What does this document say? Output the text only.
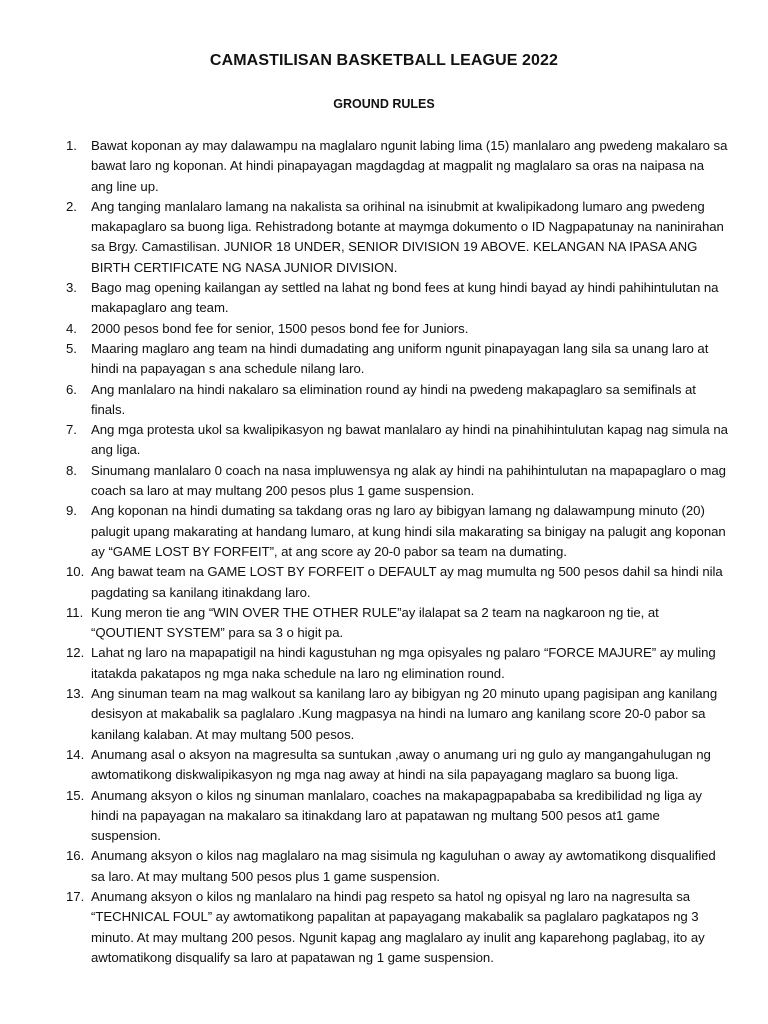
CAMASTILISAN BASKETBALL LEAGUE 2022
GROUND RULES
1. Bawat koponan ay may dalawampu na maglalaro ngunit labing lima (15) manlalaro ang pwedeng makalaro sa bawat laro ng koponan. At hindi pinapayagan magdagdag at magpalit ng maglalaro sa oras na naipasa na ang line up.
2. Ang tanging manlalaro lamang na nakalista sa orihinal na isinubmit at kwalipikadong lumaro ang pwedeng makapaglaro sa buong liga. Rehistradong botante at maymga dokumento o ID Nagpapatunay na naninirahan sa Brgy. Camastilisan. JUNIOR 18 UNDER, SENIOR DIVISION 19 ABOVE. KELANGAN NA IPASA ANG BIRTH CERTIFICATE NG NASA JUNIOR DIVISION.
3. Bago mag opening kailangan ay settled na lahat ng bond fees at kung hindi bayad ay hindi pahihintulutan na makapaglaro ang team.
4. 2000 pesos bond fee for senior, 1500 pesos bond fee for Juniors.
5. Maaring maglaro ang team na hindi dumadating ang uniform ngunit pinapayagan lang sila sa unang laro at hindi na papayagan s ana schedule nilang laro.
6. Ang manlalaro na hindi nakalaro sa elimination round ay hindi na pwedeng makapaglaro sa semifinals at finals.
7. Ang mga protesta ukol sa kwalipikasyon ng bawat manlalaro ay hindi na pinahihintulutan kapag nag simula na ang liga.
8. Sinumang manlalaro 0 coach na nasa impluwensya ng alak ay hindi na pahihintulutan na mapapaglaro o mag coach sa laro at may multang 200 pesos plus 1 game suspension.
9. Ang koponan na hindi dumating sa takdang oras ng laro ay bibigyan lamang ng dalawampung minuto (20) palugit upang makarating at handang lumaro, at kung hindi sila makarating sa binigay na palugit ang koponan ay “GAME LOST BY FORFEIT”, at ang score ay 20-0 pabor sa team na dumating.
10. Ang bawat team na GAME LOST BY FORFEIT o DEFAULT ay mag mumulta ng 500 pesos dahil sa hindi nila pagdating sa kanilang itinakdang laro.
11. Kung meron tie ang “WIN OVER THE OTHER RULE”ay ilalapat sa 2 team na nagkaroon ng tie, at “QOUTIENT SYSTEM” para sa 3 o higit pa.
12. Lahat ng laro na mapapatigil na hindi kagustuhan ng mga opisyales ng palaro “FORCE MAJURE” ay muling itatakda pakatapos ng mga naka schedule na laro ng elimination round.
13. Ang sinuman team na mag walkout sa kanilang laro ay bibigyan ng 20 minuto upang pagisipan ang kanilang desisyon at makabalik sa paglalaro .Kung magpasya na hindi na lumaro ang kanilang score 20-0 pabor sa kanilang kalaban. At may multang 500 pesos.
14. Anumang asal o aksyon na magresulta sa suntukan ,away o anumang uri ng gulo ay mangangahulugan ng awtomatikong diskwalipikasyon ng mga nag away at hindi na sila papayagang maglaro sa buong liga.
15. Anumang aksyon o kilos ng sinuman manlalaro, coaches na makapagpapababa sa kredibilidad ng liga ay hindi na papayagan na makalaro sa itinakdang laro at papatawan ng multang 500 pesos at1 game suspension.
16. Anumang aksyon o kilos nag maglalaro na mag sisimula ng kaguluhan o away ay awtomatikong disqualified sa laro. At may multang 500 pesos plus 1 game suspension.
17. Anumang aksyon o kilos ng manlalaro na hindi pag respeto sa hatol ng opisyal ng laro na nagresulta sa “TECHNICAL FOUL” ay awtomatikong papalitan at papayagang makabalik sa paglalaro pagkatapos ng 3 minuto. At may multang 200 pesos. Ngunit kapag ang maglalaro ay inulit ang kaparehong paglabag, ito ay awtomatikong disqualify sa laro at papatawan ng 1 game suspension.
